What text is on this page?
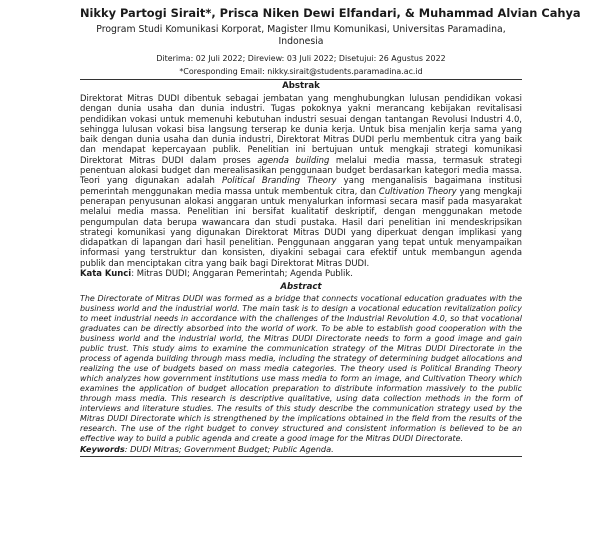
Nikky Partogi Sirait*, Prisca Niken Dewi Elfandari, & Muhammad Alvian Cahya
Program Studi Komunikasi Korporat, Magister Ilmu Komunikasi, Universitas Paramadina,
Indonesia
Diterima: 02 Juli 2022; Direview: 03 Juli 2022; Disetujui: 26 Agustus 2022
*Coresponding Email: nikky.sirait@students.paramadina.ac.id
Abstrak
Direktorat Mitras DUDI dibentuk sebagai jembatan yang menghubungkan lulusan pendidikan vokasi dengan dunia usaha dan dunia industri. Tugas pokoknya yakni merancang kebijakan revitalisasi pendidikan vokasi untuk memenuhi kebutuhan industri sesuai dengan tantangan Revolusi Industri 4.0, sehingga lulusan vokasi bisa langsung terserap ke dunia kerja. Untuk bisa menjalin kerja sama yang baik dengan dunia usaha dan dunia industri, Direktorat Mitras DUDI perlu membentuk citra yang baik dan mendapat kepercayaan publik. Penelitian ini bertujuan untuk mengkaji strategi komunikasi Direktorat Mitras DUDI dalam proses agenda building melalui media massa, termasuk strategi penentuan alokasi budget dan merealisasikan penggunaan budget berdasarkan kategori media massa. Teori yang digunakan adalah Political Branding Theory yang menganalisis bagaimana institusi pemerintah menggunakan media massa untuk membentuk citra, dan Cultivation Theory yang mengkaji penerapan penyusunan alokasi anggaran untuk menyalurkan informasi secara masif pada masyarakat melalui media massa. Penelitian ini bersifat kualitatif deskriptif, dengan menggunakan metode pengumpulan data berupa wawancara dan studi pustaka. Hasil dari penelitian ini mendeskripsikan strategi komunikasi yang digunakan Direktorat Mitras DUDI yang diperkuat dengan implikasi yang didapatkan di lapangan dari hasil penelitian. Penggunaan anggaran yang tepat untuk menyampaikan informasi yang terstruktur dan konsisten, diyakini sebagai cara efektif untuk membangun agenda publik dan menciptakan citra yang baik bagi Direktorat Mitras DUDI.
Kata Kunci: Mitras DUDI; Anggaran Pemerintah; Agenda Publik.
Abstract
The Directorate of Mitras DUDI was formed as a bridge that connects vocational education graduates with the business world and the industrial world. The main task is to design a vocational education revitalization policy to meet industrial needs in accordance with the challenges of the Industrial Revolution 4.0, so that vocational graduates can be directly absorbed into the world of work. To be able to establish good cooperation with the business world and the industrial world, the Mitras DUDI Directorate needs to form a good image and gain public trust. This study aims to examine the communication strategy of the Mitras DUDI Directorate in the process of agenda building through mass media, including the strategy of determining budget allocations and realizing the use of budgets based on mass media categories. The theory used is Political Branding Theory which analyzes how government institutions use mass media to form an image, and Cultivation Theory which examines the application of budget allocation preparation to distribute information massively to the public through mass media. This research is descriptive qualitative, using data collection methods in the form of interviews and literature studies. The results of this study describe the communication strategy used by the Mitras DUDI Directorate which is strengthened by the implications obtained in the field from the results of the research. The use of the right budget to convey structured and consistent information is believed to be an effective way to build a public agenda and create a good image for the Mitras DUDI Directorate.
Keywords: DUDI Mitras; Government Budget; Public Agenda.
